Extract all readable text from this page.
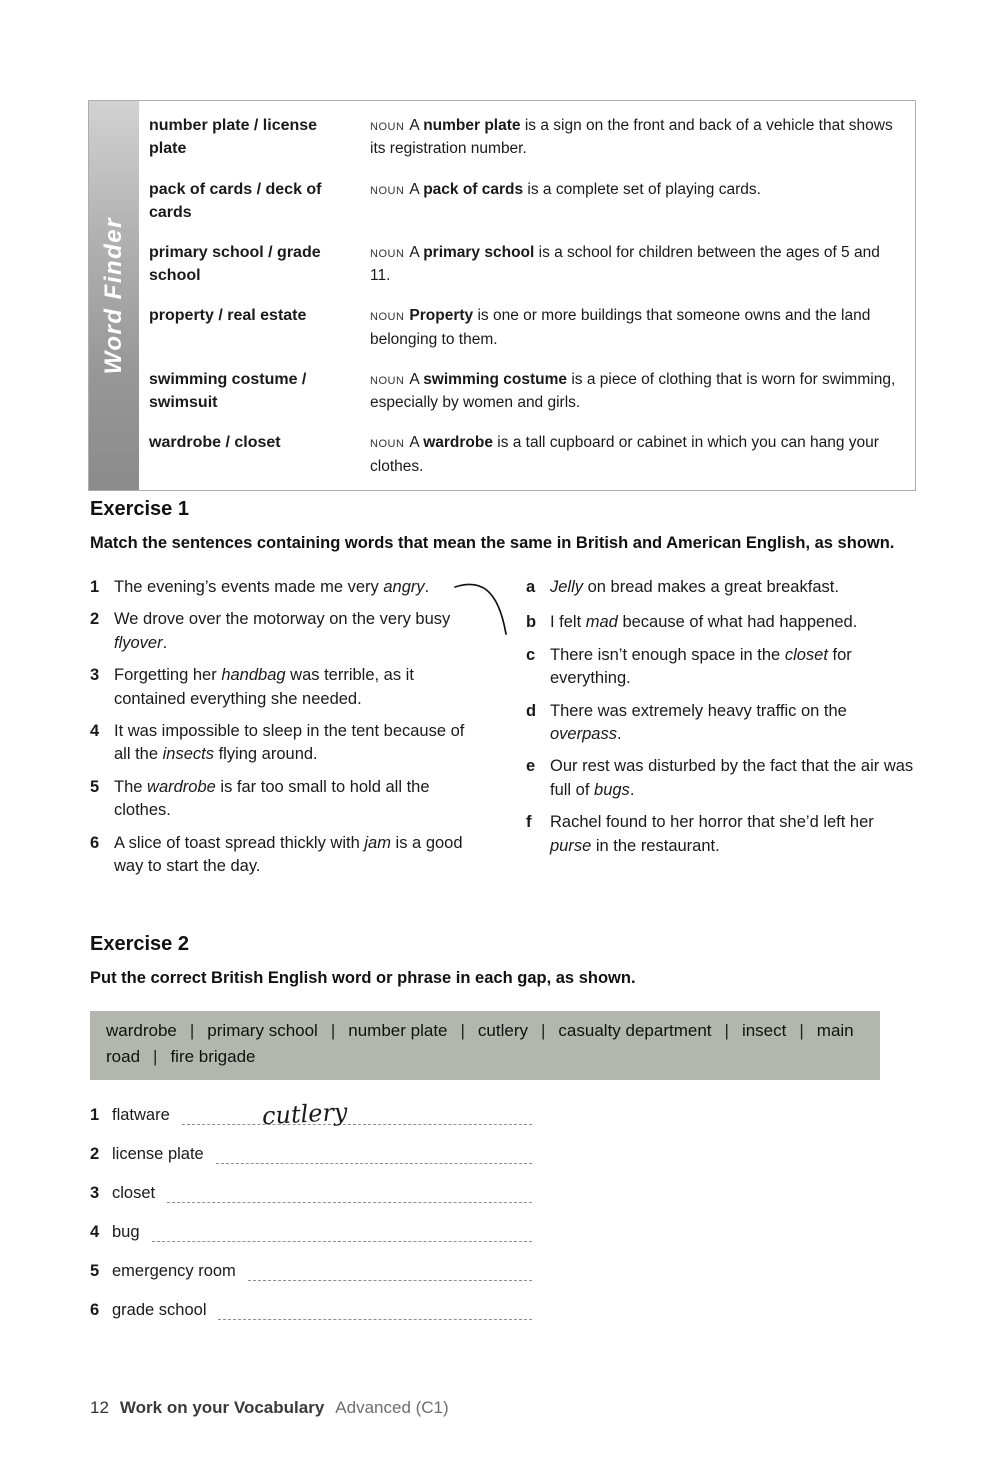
Word Finder
number plate / license plate
NOUN A number plate is a sign on the front and back of a vehicle that shows its registration number.
pack of cards / deck of cards
NOUN A pack of cards is a complete set of playing cards.
primary school / grade school
NOUN A primary school is a school for children between the ages of 5 and 11.
property / real estate	NOUN Property is one or more buildings that someone owns and the land belonging to them.
swimming costume / swimsuit
NOUN A swimming costume is a piece of clothing that is worn for swimming, especially by women and girls.
wardrobe / closet	NOUN A wardrobe is a tall cupboard or cabinet in which you can hang your clothes.
Exercise 1

Match the sentences containing words that mean the same in British and American English, as shown.

1 The evening’s events made me very angry.
2 We drove over the motorway on the very busy flyover.
3 Forgetting her handbag was terrible, as it contained everything she needed.
4 It was impossible to sleep in the tent because of all the insects flying around.
5 The wardrobe is far too small to hold all the clothes.
6 A slice of toast spread thickly with jam is a good way to start the day.
a Jelly on bread makes a great breakfast.
b I felt mad because of what had happened.
c There isn’t enough space in the closet for everything.
d There was extremely heavy traffic on the overpass.
e Our rest was disturbed by the fact that the air was full of bugs.
f	Rachel found to her horror that she’d left her purse in the restaurant.
Exercise 2

Put the correct British English word or phrase in each gap, as shown.

wardrobe | primary school | number plate | cutlery | casualty department | insect | main road | fire brigade
1 flatware	cutlery
2 license plate
3 closet
4 bug
5 emergency room
6 grade school
12 Work on your Vocabulary Advanced (C1)
